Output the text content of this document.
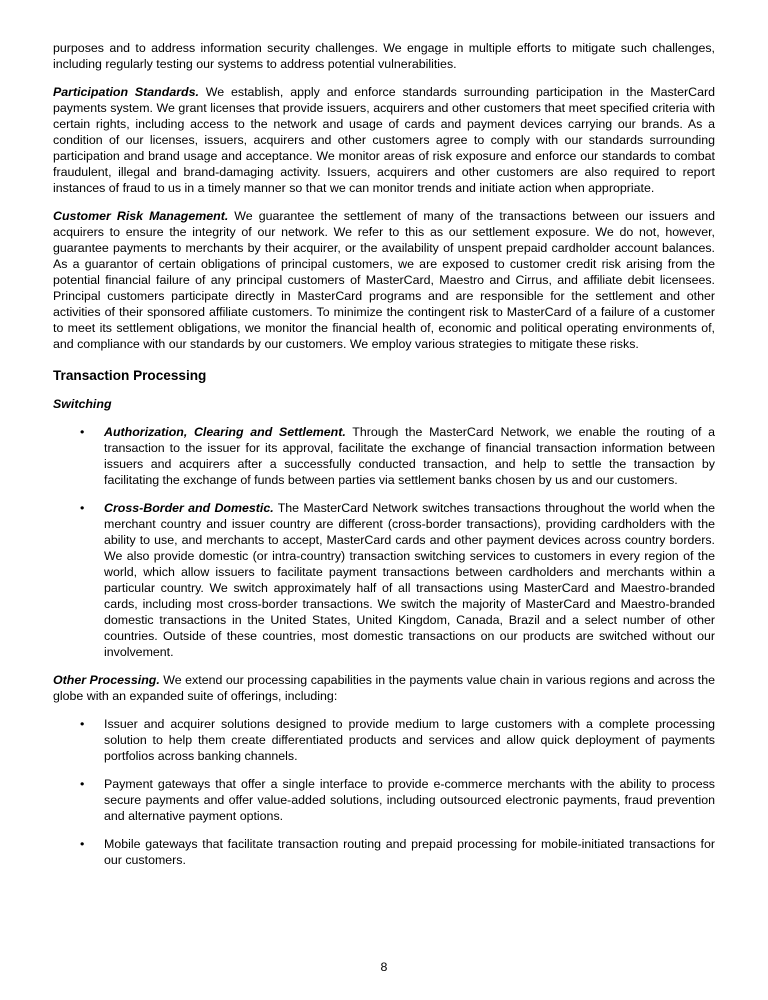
purposes and to address information security challenges. We engage in multiple efforts to mitigate such challenges, including regularly testing our systems to address potential vulnerabilities.

Participation Standards. We establish, apply and enforce standards surrounding participation in the MasterCard payments system. We grant licenses that provide issuers, acquirers and other customers that meet specified criteria with certain rights, including access to the network and usage of cards and payment devices carrying our brands. As a condition of our licenses, issuers, acquirers and other customers agree to comply with our standards surrounding participation and brand usage and acceptance. We monitor areas of risk exposure and enforce our standards to combat fraudulent, illegal and brand-damaging activity. Issuers, acquirers and other customers are also required to report instances of fraud to us in a timely manner so that we can monitor trends and initiate action when appropriate.

Customer Risk Management. We guarantee the settlement of many of the transactions between our issuers and acquirers to ensure the integrity of our network. We refer to this as our settlement exposure. We do not, however, guarantee payments to merchants by their acquirer, or the availability of unspent prepaid cardholder account balances. As a guarantor of certain obligations of principal customers, we are exposed to customer credit risk arising from the potential financial failure of any principal customers of MasterCard, Maestro and Cirrus, and affiliate debit licensees. Principal customers participate directly in MasterCard programs and are responsible for the settlement and other activities of their sponsored affiliate customers. To minimize the contingent risk to MasterCard of a failure of a customer to meet its settlement obligations, we monitor the financial health of, economic and political operating environments of, and compliance with our standards by our customers. We employ various strategies to mitigate these risks.

Transaction Processing
Switching
• Authorization, Clearing and Settlement. Through the MasterCard Network, we enable the routing of a transaction to the issuer for its approval, facilitate the exchange of financial transaction information between issuers and acquirers after a successfully conducted transaction, and help to settle the transaction by facilitating the exchange of funds between parties via settlement banks chosen by us and our customers.
• Cross-Border and Domestic. The MasterCard Network switches transactions throughout the world when the merchant country and issuer country are different (cross-border transactions), providing cardholders with the ability to use, and merchants to accept, MasterCard cards and other payment devices across country borders. We also provide domestic (or intra-country) transaction switching services to customers in every region of the world, which allow issuers to facilitate payment transactions between cardholders and merchants within a particular country. We switch approximately half of all transactions using MasterCard and Maestro-branded cards, including most cross-border transactions. We switch the majority of MasterCard and Maestro-branded domestic transactions in the United States, United Kingdom, Canada, Brazil and a select number of other countries. Outside of these countries, most domestic transactions on our products are switched without our involvement.

Other Processing. We extend our processing capabilities in the payments value chain in various regions and across the globe with an expanded suite of offerings, including:

• Issuer and acquirer solutions designed to provide medium to large customers with a complete processing solution to help them create differentiated products and services and allow quick deployment of payments portfolios across banking channels.
• Payment gateways that offer a single interface to provide e-commerce merchants with the ability to process secure payments and offer value-added solutions, including outsourced electronic payments, fraud prevention and alternative payment options.
• Mobile gateways that facilitate transaction routing and prepaid processing for mobile-initiated transactions for our customers.
8
